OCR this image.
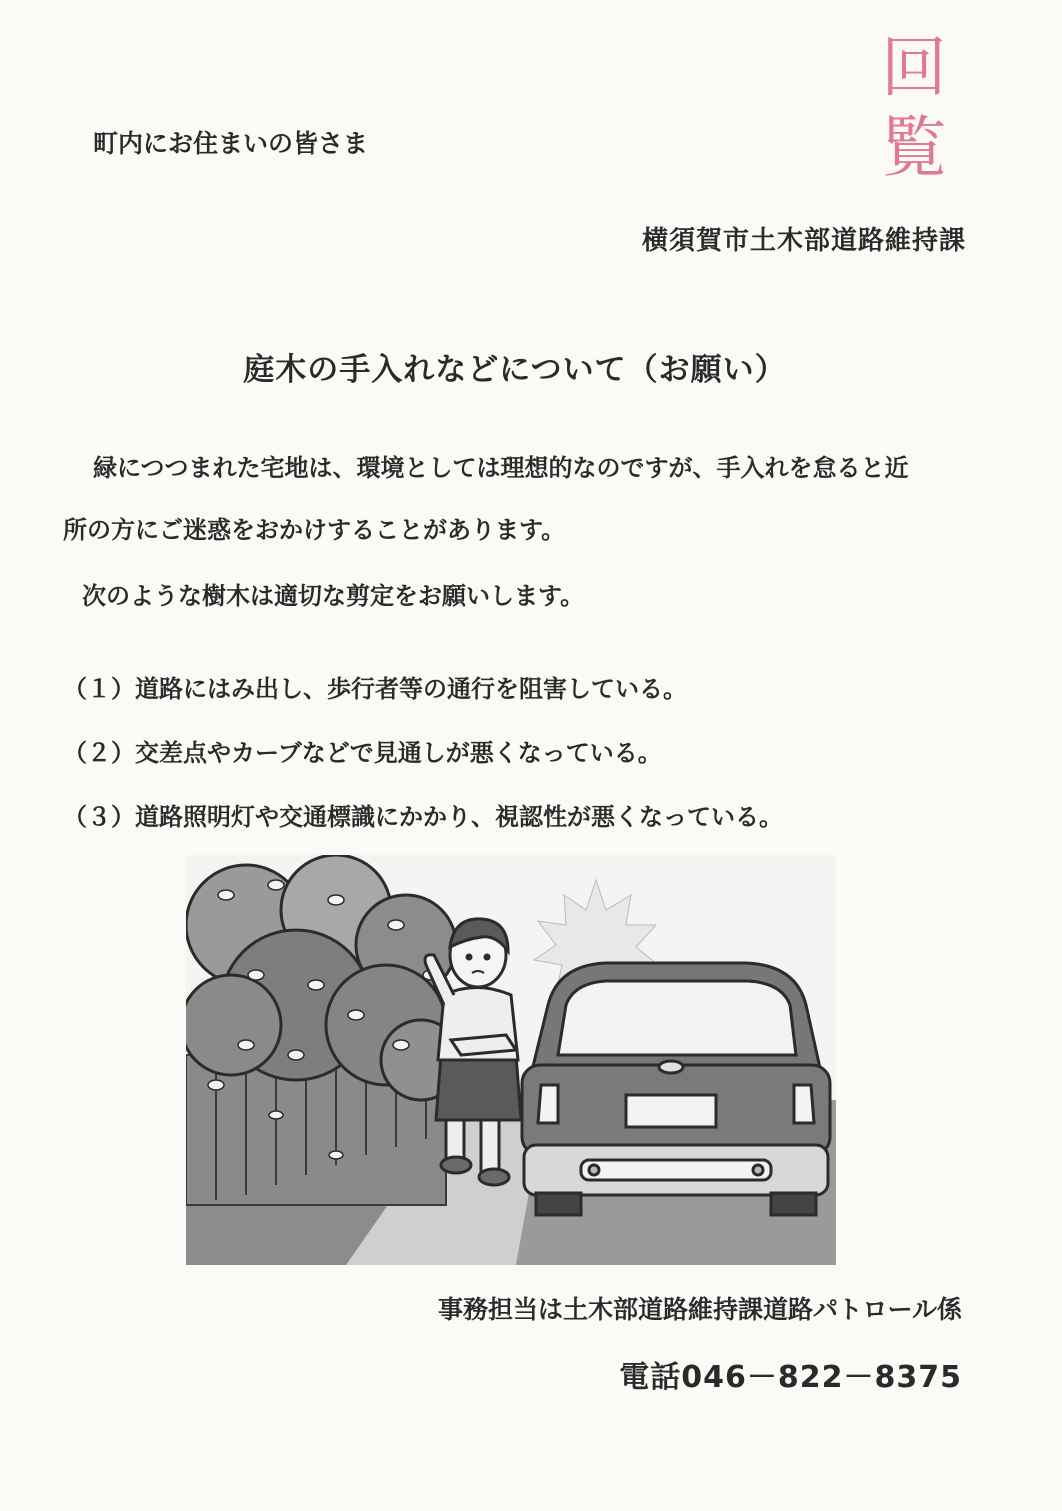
町内にお住まいの皆さま
回
覧
横須賀市土木部道路維持課
庭木の手入れなどについて（お願い）
緑につつまれた宅地は、環境としては理想的なのですが、手入れを怠ると近
所の方にご迷惑をおかけすることがあります。
次のような樹木は適切な剪定をお願いします。
（１）道路にはみ出し、歩行者等の通行を阻害している。
（２）交差点やカーブなどで見通しが悪くなっている。
（３）道路照明灯や交通標識にかかり、視認性が悪くなっている。
事務担当は土木部道路維持課道路パトロール係
電話046－822－8375
